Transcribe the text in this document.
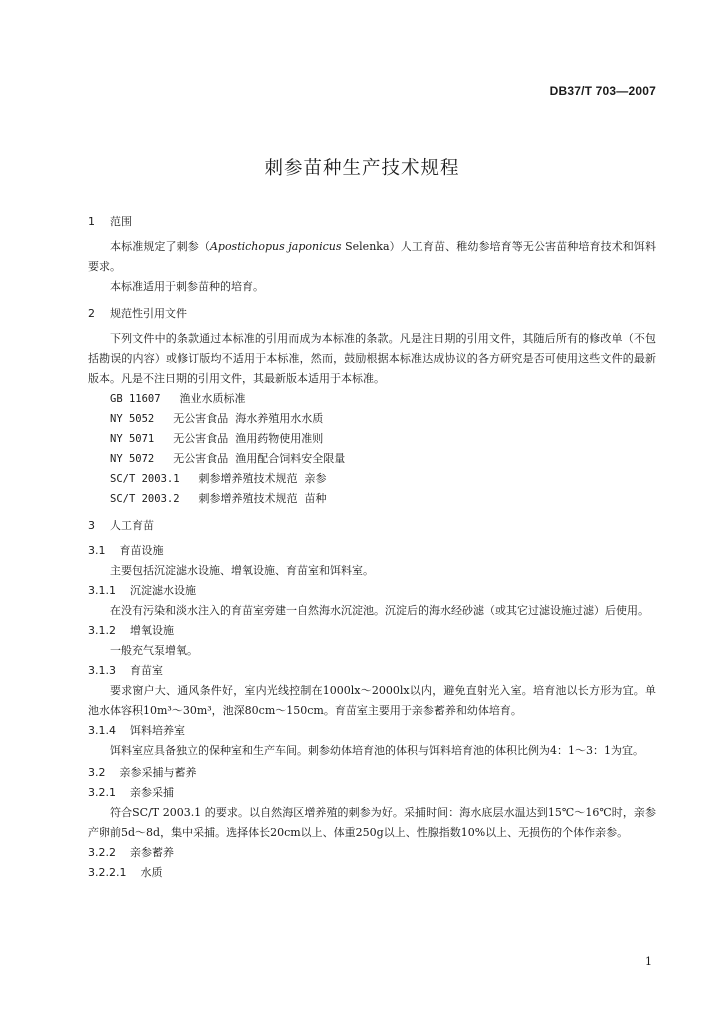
DB37/T 703—2007
刺参苗种生产技术规程

1 范围

本标准规定了刺参（Apostichopus japonicus Selenka）人工育苗、稚幼参培育等无公害苗种培育技术和饵料要求。

本标准适用于刺参苗种的培育。

2 规范性引用文件

下列文件中的条款通过本标准的引用而成为本标准的条款。凡是注日期的引用文件，其随后所有的修改单（不包括勘误的内容）或修订版均不适用于本标准，然而，鼓励根据本标准达成协议的各方研究是否可使用这些文件的最新版本。凡是不注日期的引用文件，其最新版本适用于本标准。

GB 11607 渔业水质标准

NY 5052 无公害食品  海水养殖用水水质

NY 5071 无公害食品  渔用药物使用准则

NY 5072 无公害食品  渔用配合饲料安全限量

SC/T 2003.1 刺参增养殖技术规范  亲参

SC/T 2003.2 刺参增养殖技术规范  苗种

3 人工育苗

3.1 育苗设施

主要包括沉淀滤水设施、增氧设施、育苗室和饵料室。

3.1.1 沉淀滤水设施

在没有污染和淡水注入的育苗室旁建一自然海水沉淀池。沉淀后的海水经砂滤（或其它过滤设施过滤）后使用。

3.1.2 增氧设施

一般充气泵增氧。

3.1.3 育苗室

要求窗户大、通风条件好，室内光线控制在1000lx～2000lx以内，避免直射光入室。培育池以长方形为宜。单池水体容积10m³～30m³，池深80cm～150cm。育苗室主要用于亲参蓄养和幼体培育。

3.1.4 饵料培养室

饵料室应具备独立的保种室和生产车间。刺参幼体培育池的体积与饵料培育池的体积比例为4：1～3：1为宜。

3.2 亲参采捕与蓄养

3.2.1 亲参采捕

符合SC/T 2003.1 的要求。以自然海区增养殖的刺参为好。采捕时间：海水底层水温达到15℃～16℃时，亲参产卵前5d～8d，集中采捕。选择体长20cm以上、体重250g以上、性腺指数10%以上、无损伤的个体作亲参。

3.2.2 亲参蓄养

3.2.2.1 水质

1
